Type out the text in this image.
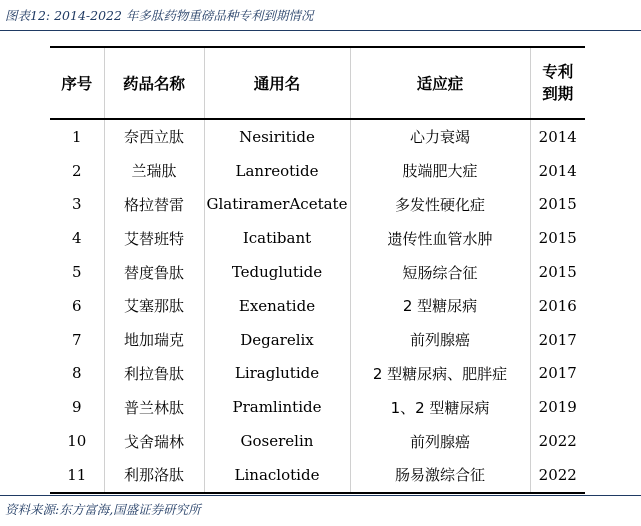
图表12: 2014-2022 年多肽药物重磅品种专利到期情况
序号	药品名称	通用名	适应症	专利
到期
1	奈西立肽	Nesiritide	心力衰竭	2014
2	兰瑞肽	Lanreotide	肢端肥大症	2014
3	格拉替雷	GlatiramerAcetate	多发性硬化症	2015
4	艾替班特	Icatibant	遗传性血管水肿	2015
5	替度鲁肽	Teduglutide	短肠综合征	2015
6	艾塞那肽	Exenatide	2 型糖尿病	2016
7	地加瑞克	Degarelix	前列腺癌	2017
8	利拉鲁肽	Liraglutide	2 型糖尿病、肥胖症	2017
9	普兰林肽	Pramlintide	1、2 型糖尿病	2019
10	戈舍瑞林	Goserelin	前列腺癌	2022
11	利那洛肽	Linaclotide	肠易激综合征	2022
资料来源:东方富海,国盛证券研究所
